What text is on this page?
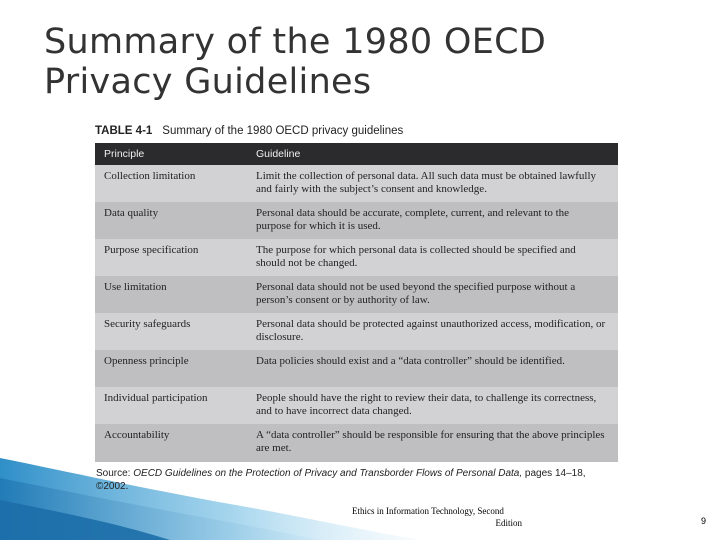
Summary of the 1980 OECD
Privacy Guidelines
TABLE 4-1 Summary of the 1980 OECD privacy guidelines
Principle	Guideline
Collection limitation	Limit the collection of personal data. All such data must be obtained lawfully and fairly with the subject’s consent and knowledge.
Data quality	Personal data should be accurate, complete, current, and relevant to the purpose for which it is used.
Purpose specification	The purpose for which personal data is collected should be specified and should not be changed.
Use limitation	Personal data should not be used beyond the specified purpose without a person’s consent or by authority of law.
Security safeguards	Personal data should be protected against unauthorized access, modification, or disclosure.
Openness principle	Data policies should exist and a “data controller” should be identified.
Individual participation	People should have the right to review their data, to challenge its correctness, and to have incorrect data changed.
Accountability	A “data controller” should be responsible for ensuring that the above principles are met.
Source: OECD Guidelines on the Protection of Privacy and Transborder Flows of Personal Data, pages 14–18, ©2002.
Ethics in Information Technology, Second
Edition	9
